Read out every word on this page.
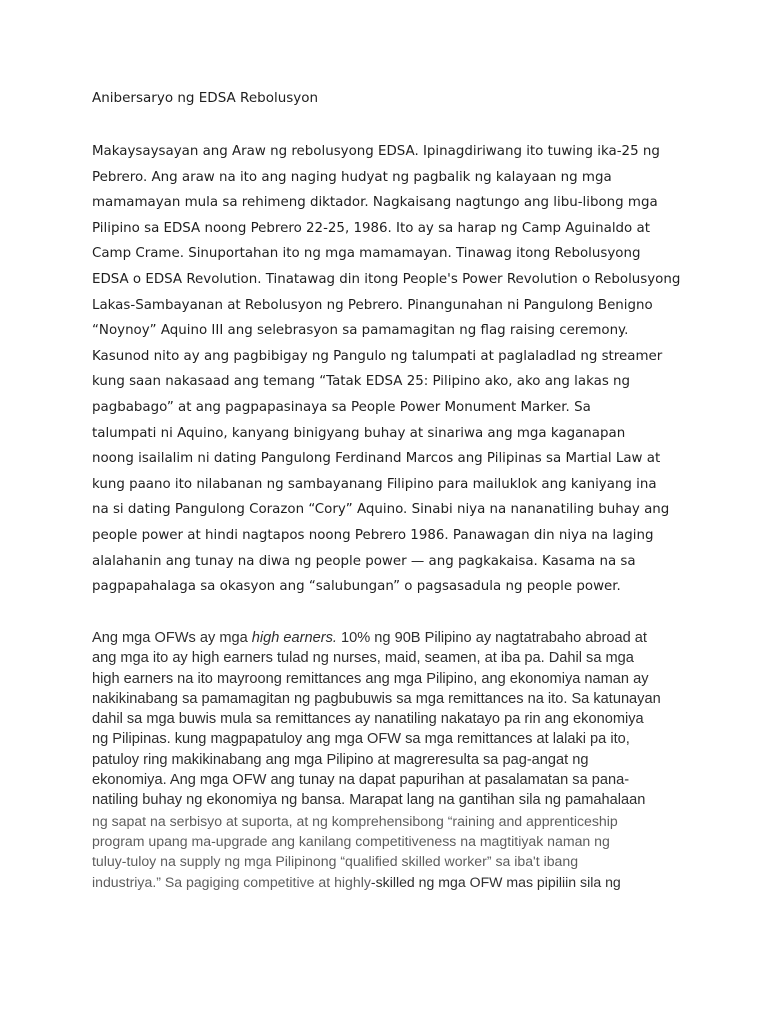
Anibersaryo ng EDSA Rebolusyon
Makaysaysayan ang Araw ng rebolusyong EDSA. Ipinagdiriwang ito tuwing ika-25 ng
Pebrero. Ang araw na ito ang naging hudyat ng pagbalik ng kalayaan ng mga
mamamayan mula sa rehimeng diktador. Nagkaisang nagtungo ang libu-libong mga
Pilipino sa EDSA noong Pebrero 22-25, 1986. Ito ay sa harap ng Camp Aguinaldo at
Camp Crame. Sinuportahan ito ng mga mamamayan. Tinawag itong Rebolusyong
EDSA o EDSA Revolution. Tinatawag din itong People's Power Revolution o Rebolusyong
Lakas-Sambayanan at Rebolusyon ng Pebrero. Pinangunahan ni Pangulong Benigno
“Noynoy” Aquino III ang selebrasyon sa pamamagitan ng flag raising ceremony.
Kasunod nito ay ang pagbibigay ng Pangulo ng talumpati at paglaladlad ng streamer
kung saan nakasaad ang temang “Tatak EDSA 25: Pilipino ako, ako ang lakas ng
pagbabago” at ang pagpapasinaya sa People Power Monument Marker. Sa
talumpati ni Aquino, kanyang binigyang buhay at sinariwa ang mga kaganapan
noong isailalim ni dating Pangulong Ferdinand Marcos ang Pilipinas sa Martial Law at
kung paano ito nilabanan ng sambayanang Filipino para mailuklok ang kaniyang ina
na si dating Pangulong Corazon “Cory” Aquino. Sinabi niya na nananatiling buhay ang
people power at hindi nagtapos noong Pebrero 1986. Panawagan din niya na laging
alalahanin ang tunay na diwa ng people power — ang pagkakaisa. Kasama na sa
pagpapahalaga sa okasyon ang “salubungan” o pagsasadula ng people power.
Ang mga OFWs ay mga high earners. 10% ng 90B Pilipino ay nagtatrabaho abroad at
ang mga ito ay high earners tulad ng nurses, maid, seamen, at iba pa. Dahil sa mga
high earners na ito mayroong remittances ang mga Pilipino, ang ekonomiya naman ay
nakikinabang sa pamamagitan ng pagbubuwis sa mga remittances na ito. Sa katunayan
dahil sa mga buwis mula sa remittances ay nanatiling nakatayo pa rin ang ekonomiya
ng Pilipinas. kung magpapatuloy ang mga OFW sa mga remittances at lalaki pa ito,
patuloy ring makikinabang ang mga Pilipino at magreresulta sa pag-angat ng
ekonomiya. Ang mga OFW ang tunay na dapat papurihan at pasalamatan sa pana-
natiling buhay ng ekonomiya ng bansa. Marapat lang na gantihan sila ng pamahalaan
ng sapat na serbisyo at suporta, at ng komprehensibong “raining and apprenticeship
program upang ma-upgrade ang kanilang competitiveness na magtitiyak naman ng
tuluy-tuloy na supply ng mga Pilipinong “qualified skilled worker” sa iba't ibang
industriya.” Sa pagiging competitive at highly-skilled ng mga OFW mas pipiliin sila ng
